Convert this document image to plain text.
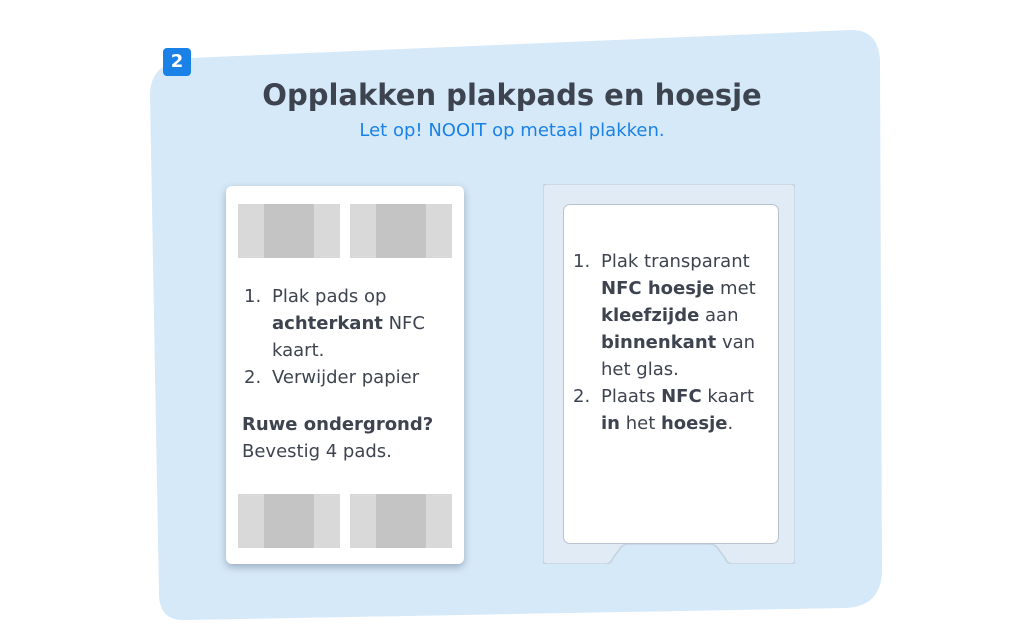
2
Opplakken plakpads en hoesje
Let op! NOOIT op metaal plakken.
1. Plak pads op achterkant NFC kaart.
2. Verwijder papier
Ruwe ondergrond?
Bevestig 4 pads.
1. Plak transparant NFC hoesje met kleefzijde aan binnenkant van het glas.
2. Plaats NFC kaart in het hoesje.
